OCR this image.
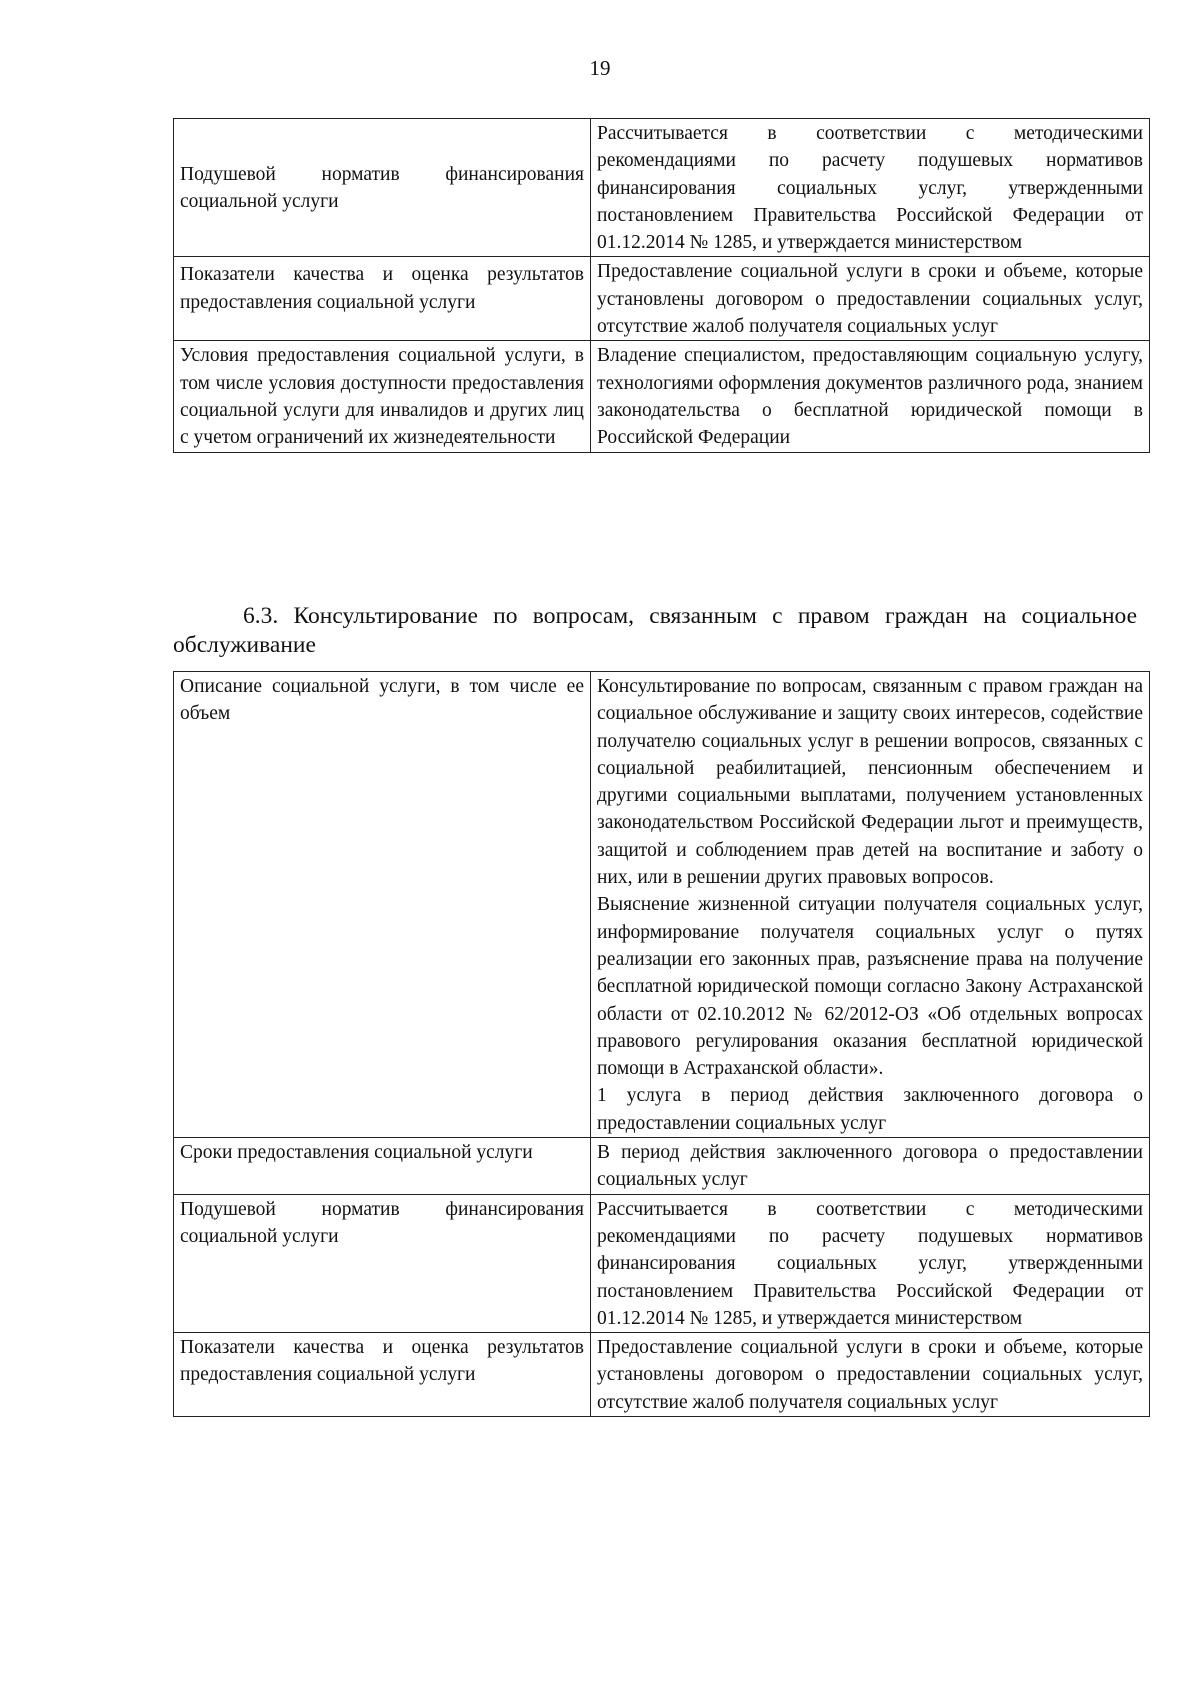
19
Подушевой норматив финансирования социальной услуги	Рассчитывается в соответствии с методическими рекомендациями по расчету подушевых нормативов финансирования социальных услуг, утвержденными постановлением Правительства Российской Федерации от 01.12.2014 № 1285, и утверждается министерством

Показатели качества и оценка результатов предоставления социальной услуги	Предоставление социальной услуги в сроки и объеме, которые установлены договором о предоставлении социальных услуг, отсутствие жалоб получателя социальных услуг

Условия предоставления социальной услуги, в том числе условия доступности предоставления социальной услуги для инвалидов и других лиц с учетом ограничений их жизнедеятельности	Владение специалистом, предоставляющим социальную услугу, технологиями оформления документов различного рода, знанием законодательства о бесплатной юридической помощи в Российской Федерации
6.3. Консультирование по вопросам, связанным с правом граждан на социальное обслуживание
Описание социальной услуги, в том числе ее объем	Консультирование по вопросам, связанным с правом граждан на социальное обслуживание и защиту своих интересов, содействие получателю социальных услуг в решении вопросов, связанных с социальной реабилитацией, пенсионным обеспечением и другими социальными выплатами, получением установленных законодательством Российской Федерации льгот и преимуществ, защитой и соблюдением прав детей на воспитание и заботу о них, или в решении других правовых вопросов.
Выяснение жизненной ситуации получателя социальных услуг, информирование получателя социальных услуг о путях реализации его законных прав, разъяснение права на получение бесплатной юридической помощи согласно Закону Астраханской области от 02.10.2012 № 62/2012-ОЗ «Об отдельных вопросах правового регулирования оказания бесплатной юридической помощи в Астраханской области».
1 услуга в период действия заключенного договора о предоставлении социальных услуг

Сроки предоставления социальной услуги	В период действия заключенного договора о предоставлении социальных услуг

Подушевой норматив финансирования социальной услуги	Рассчитывается в соответствии с методическими рекомендациями по расчету подушевых нормативов финансирования социальных услуг, утвержденными постановлением Правительства Российской Федерации от 01.12.2014 № 1285, и утверждается министерством

Показатели качества и оценка результатов предоставления социальной услуги	Предоставление социальной услуги в сроки и объеме, которые установлены договором о предоставлении социальных услуг, отсутствие жалоб получателя социальных услуг
